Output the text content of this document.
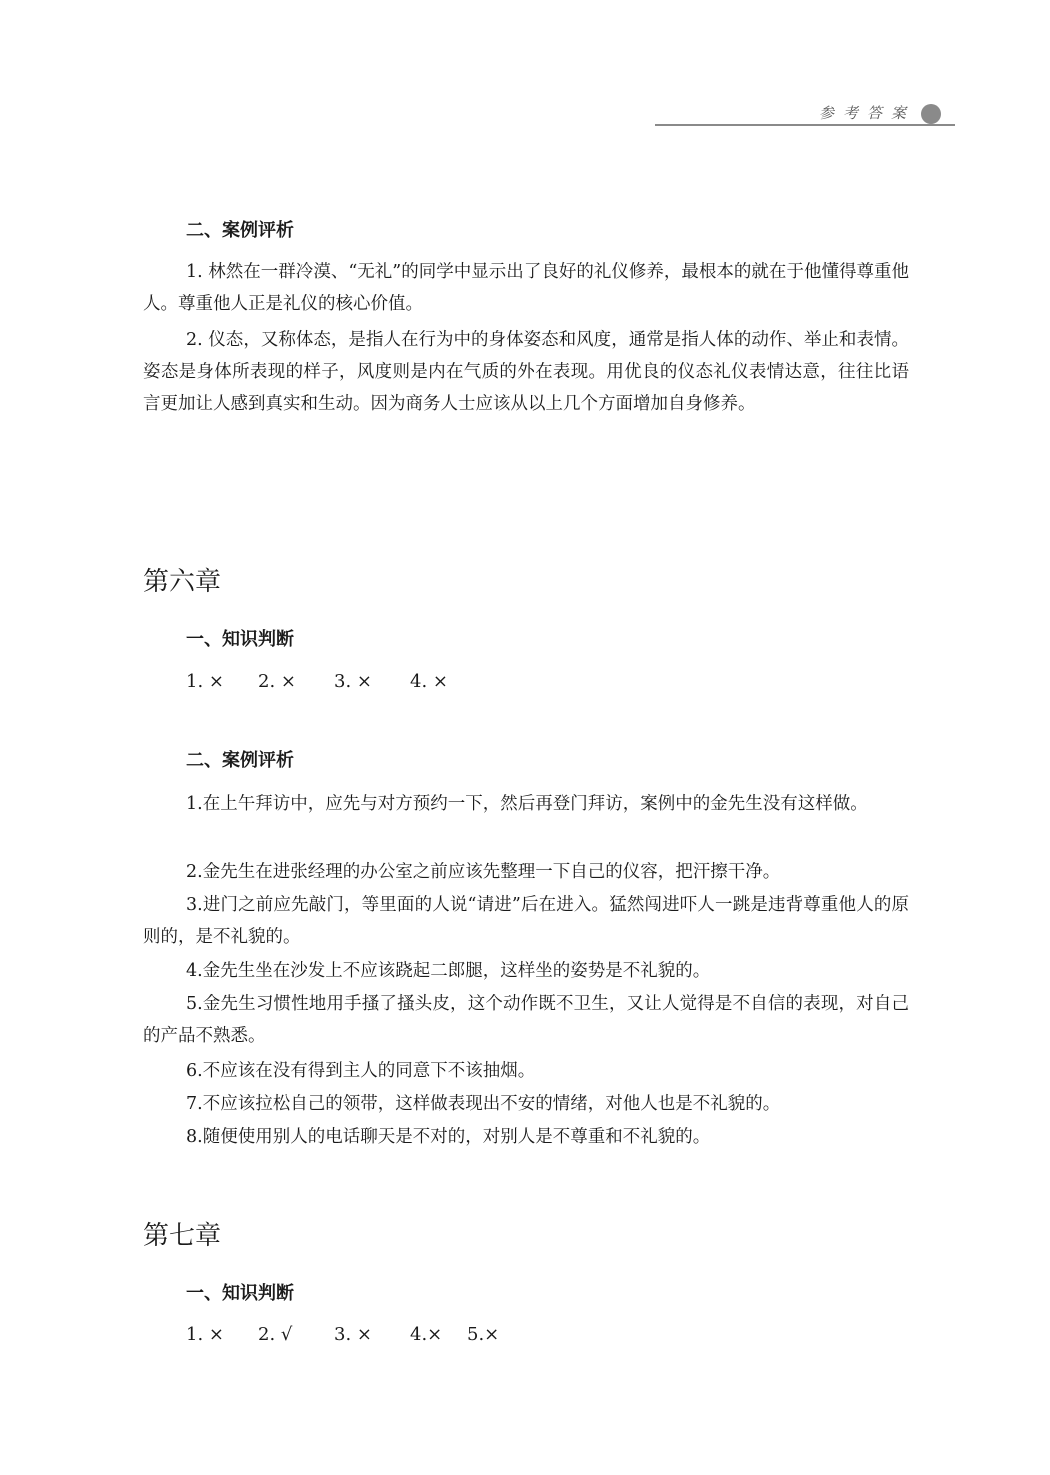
参考答案
二、案例评析
1. 林然在一群冷漠、“无礼”的同学中显示出了良好的礼仪修养，最根本的就在于他懂得尊重他人。尊重他人正是礼仪的核心价值。
2. 仪态，又称体态，是指人在行为中的身体姿态和风度，通常是指人体的动作、举止和表情。姿态是身体所表现的样子，风度则是内在气质的外在表现。用优良的仪态礼仪表情达意，往往比语言更加让人感到真实和生动。因为商务人士应该从以上几个方面增加自身修养。
第六章
一、知识判断
1. × 2. × 3. × 4. ×
二、案例评析
1.在上午拜访中，应先与对方预约一下，然后再登门拜访，案例中的金先生没有这样做。
2.金先生在进张经理的办公室之前应该先整理一下自己的仪容，把汗擦干净。
3.进门之前应先敲门，等里面的人说“请进”后在进入。猛然闯进吓人一跳是违背尊重他人的原则的，是不礼貌的。
4.金先生坐在沙发上不应该跷起二郎腿，这样坐的姿势是不礼貌的。
5.金先生习惯性地用手搔了搔头皮，这个动作既不卫生，又让人觉得是不自信的表现，对自己的产品不熟悉。
6.不应该在没有得到主人的同意下不该抽烟。
7.不应该拉松自己的领带，这样做表现出不安的情绪，对他人也是不礼貌的。
8.随便使用别人的电话聊天是不对的，对别人是不尊重和不礼貌的。
第七章
一、知识判断
1. × 2. √ 3. × 4.× 5.×
